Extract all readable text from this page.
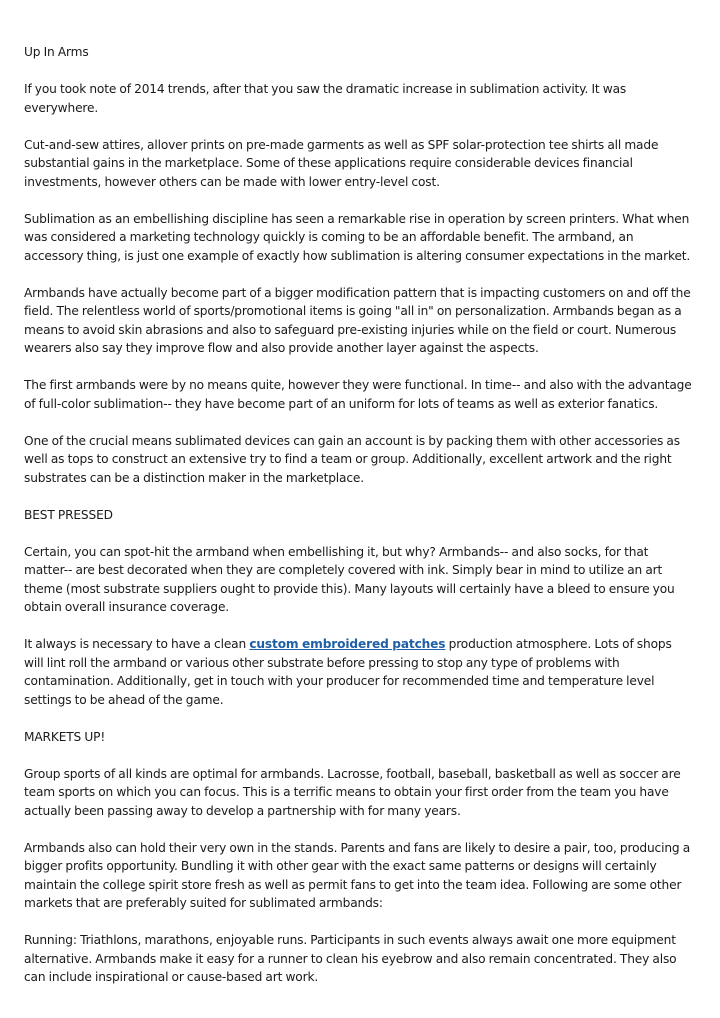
Up In Arms

If you took note of 2014 trends, after that you saw the dramatic increase in sublimation activity. It was everywhere.

Cut-and-sew attires, allover prints on pre-made garments as well as SPF solar-protection tee shirts all made substantial gains in the marketplace. Some of these applications require considerable devices financial investments, however others can be made with lower entry-level cost.

Sublimation as an embellishing discipline has seen a remarkable rise in operation by screen printers. What when was considered a marketing technology quickly is coming to be an affordable benefit. The armband, an accessory thing, is just one example of exactly how sublimation is altering consumer expectations in the market.

Armbands have actually become part of a bigger modification pattern that is impacting customers on and off the field. The relentless world of sports/promotional items is going "all in" on personalization. Armbands began as a means to avoid skin abrasions and also to safeguard pre-existing injuries while on the field or court. Numerous wearers also say they improve flow and also provide another layer against the aspects.

The first armbands were by no means quite, however they were functional. In time-- and also with the advantage of full-color sublimation-- they have become part of an uniform for lots of teams as well as exterior fanatics.

One of the crucial means sublimated devices can gain an account is by packing them with other accessories as well as tops to construct an extensive try to find a team or group. Additionally, excellent artwork and the right substrates can be a distinction maker in the marketplace.

BEST PRESSED

Certain, you can spot-hit the armband when embellishing it, but why? Armbands-- and also socks, for that matter-- are best decorated when they are completely covered with ink. Simply bear in mind to utilize an art theme (most substrate suppliers ought to provide this). Many layouts will certainly have a bleed to ensure you obtain overall insurance coverage.

It always is necessary to have a clean custom embroidered patches production atmosphere. Lots of shops will lint roll the armband or various other substrate before pressing to stop any type of problems with contamination. Additionally, get in touch with your producer for recommended time and temperature level settings to be ahead of the game.

MARKETS UP!

Group sports of all kinds are optimal for armbands. Lacrosse, football, baseball, basketball as well as soccer are team sports on which you can focus. This is a terrific means to obtain your first order from the team you have actually been passing away to develop a partnership with for many years.

Armbands also can hold their very own in the stands. Parents and fans are likely to desire a pair, too, producing a bigger profits opportunity. Bundling it with other gear with the exact same patterns or designs will certainly maintain the college spirit store fresh as well as permit fans to get into the team idea. Following are some other markets that are preferably suited for sublimated armbands:

Running: Triathlons, marathons, enjoyable runs. Participants in such events always await one more equipment alternative. Armbands make it easy for a runner to clean his eyebrow and also remain concentrated. They also can include inspirational or cause-based art work.
